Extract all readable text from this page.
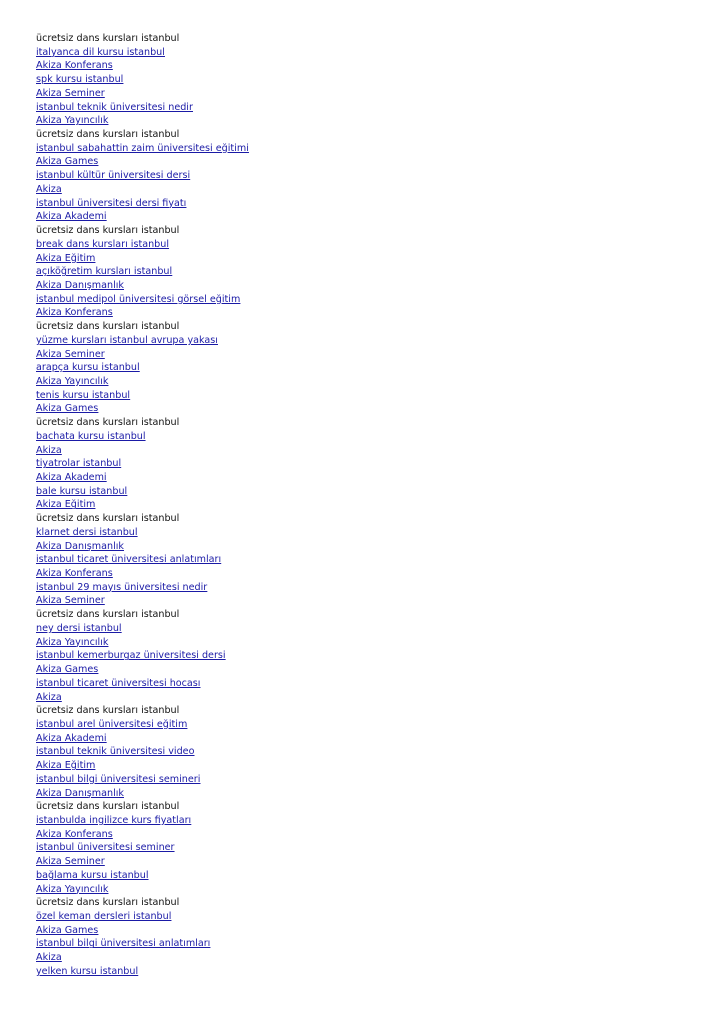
ücretsiz dans kursları istanbul
italyanca dil kursu istanbul
Akiza Konferans
spk kursu istanbul
Akiza Seminer
istanbul teknik üniversitesi nedir
Akiza Yayıncılık
ücretsiz dans kursları istanbul
istanbul sabahattin zaim üniversitesi eğitimi
Akiza Games
istanbul kültür üniversitesi dersi
Akiza
istanbul üniversitesi dersi fiyatı
Akiza Akademi
ücretsiz dans kursları istanbul
break dans kursları istanbul
Akiza Eğitim
açıköğretim kursları istanbul
Akiza Danışmanlık
istanbul medipol üniversitesi görsel eğitim
Akiza Konferans
ücretsiz dans kursları istanbul
yüzme kursları istanbul avrupa yakası
Akiza Seminer
arapça kursu istanbul
Akiza Yayıncılık
tenis kursu istanbul
Akiza Games
ücretsiz dans kursları istanbul
bachata kursu istanbul
Akiza
tiyatrolar istanbul
Akiza Akademi
bale kursu istanbul
Akiza Eğitim
ücretsiz dans kursları istanbul
klarnet dersi istanbul
Akiza Danışmanlık
istanbul ticaret üniversitesi anlatımları
Akiza Konferans
istanbul 29 mayıs üniversitesi nedir
Akiza Seminer
ücretsiz dans kursları istanbul
ney dersi istanbul
Akiza Yayıncılık
istanbul kemerburgaz üniversitesi dersi
Akiza Games
istanbul ticaret üniversitesi hocası
Akiza
ücretsiz dans kursları istanbul
istanbul arel üniversitesi eğitim
Akiza Akademi
istanbul teknik üniversitesi video
Akiza Eğitim
istanbul bilgi üniversitesi semineri
Akiza Danışmanlık
ücretsiz dans kursları istanbul
istanbulda ingilizce kurs fiyatları
Akiza Konferans
istanbul üniversitesi seminer
Akiza Seminer
bağlama kursu istanbul
Akiza Yayıncılık
ücretsiz dans kursları istanbul
özel keman dersleri istanbul
Akiza Games
istanbul bilgi üniversitesi anlatımları
Akiza
yelken kursu istanbul
